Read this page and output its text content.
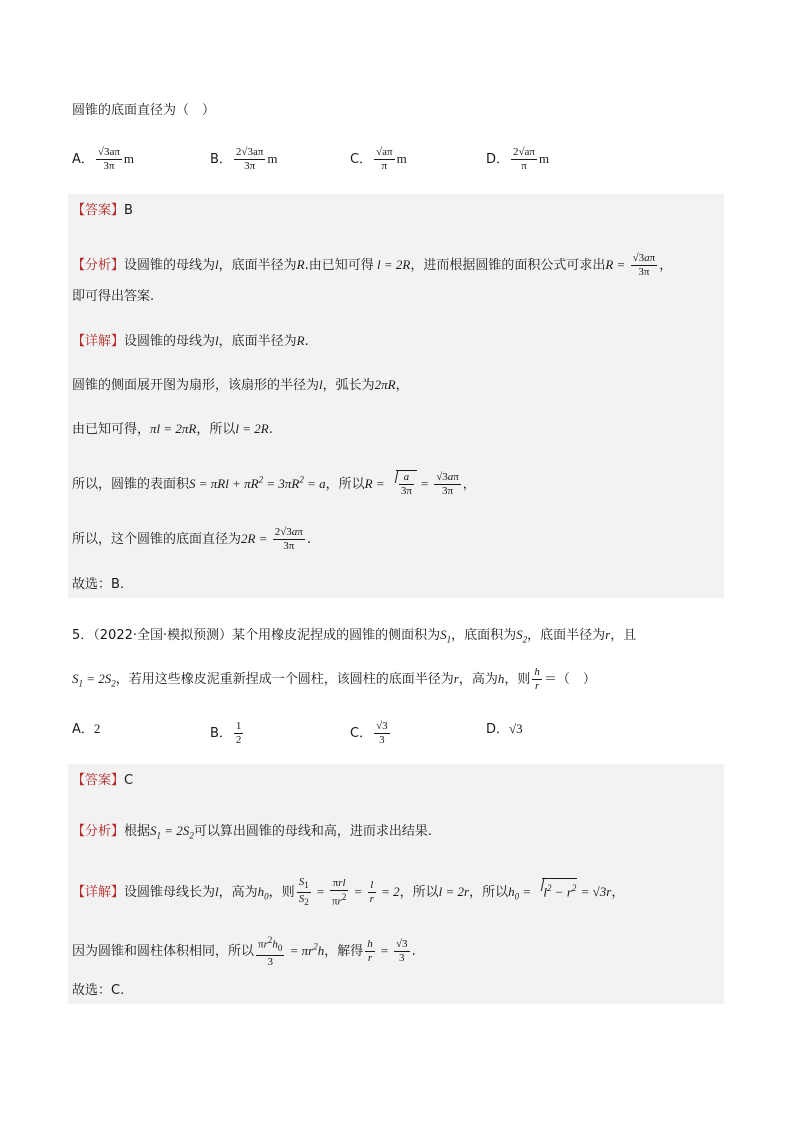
圆锥的底面直径为（　）
A． $\frac{√3a\pi}{3\pi}$ m	B． $\frac{2√3a\pi}{3\pi}$ m	C． $\frac{√a\pi}{\pi}$ m	D． $\frac{2√a\pi}{\pi}$ m
【答案】B
【分析】设圆锥的母线为l，底面半径为R.由已知可得 l = 2R，进而根据圆锥的面积公式可求出$R = \frac{√3a\pi}{3\pi}$ ，
即可得出答案.
【详解】设圆锥的母线为l，底面半径为R.
圆锥的侧面展开图为扇形，该扇形的半径为l，弧长为2πR，
由已知可得，πl = 2πR，所以l = 2R.
所以，圆锥的表面积$S = \pi Rl + \pi R^2 = 3\pi R^2 = a$，所以$R = \frac{a}{3\pi} = \frac{√3a\pi}{3\pi}$ ，
所以，这个圆锥的底面直径为$2R = \frac{2√3a\pi}{3\pi}$ .
故选：B.
5．（2022·全国·模拟预测）某个用橡皮泥捏成的圆锥的侧面积为$S_1$，底面积为$S_2$，底面半径为r，且
$S_1 = 2S_2$，若用这些橡皮泥重新捏成一个圆柱，该圆柱的底面半径为r，高为h，则 $\frac{h}{r}$ ＝（　）
A．2	B． $\frac{1}{2}$	C． $\frac{√3}{3}$	D．√3
【答案】C
【分析】根据$S_1 = 2S_2$可以算出圆锥的母线和高，进而求出结果.
【详解】设圆锥母线长为l，高为$h_0$，则 $\frac{S_1}{S_2} = \frac{\text{πrl}}{\pi r^2} = \frac{l}{r} = 2$，所以l = 2r，所以$h_0 = l^2 - r^2 = √3r$，
因为圆锥和圆柱体积相同，所以 $\frac{\pi r^2h_0}{3} = \pi r^2h$，解得 $\frac{h}{r} = \frac{√3}{3}$ .
故选：C.
